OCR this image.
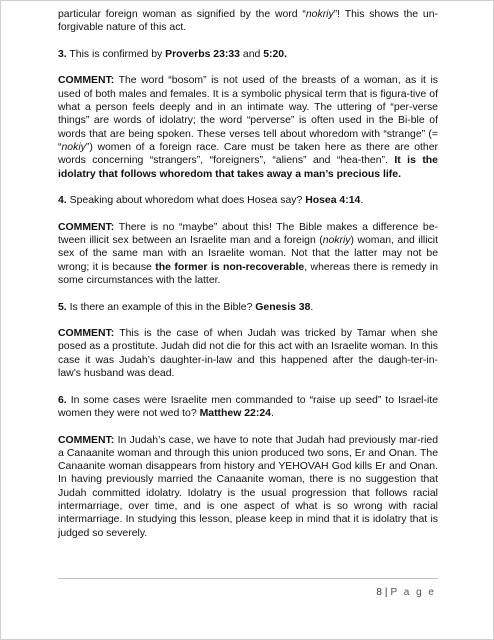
particular foreign woman as signified by the word “nokriy”! This shows the un-forgivable nature of this act.

3. This is confirmed by Proverbs 23:33 and 5:20.

COMMENT: The word “bosom” is not used of the breasts of a woman, as it is used of both males and females. It is a symbolic physical term that is figura-tive of what a person feels deeply and in an intimate way. The uttering of “per-verse things” are words of idolatry; the word “perverse” is often used in the Bi-ble of words that are being spoken. These verses tell about whoredom with “strange” (= “nokiy”) women of a foreign race. Care must be taken here as there are other words concerning “strangers”, “foreigners”, “aliens” and “hea-then”. It is the idolatry that follows whoredom that takes away a man’s precious life.

4. Speaking about whoredom what does Hosea say? Hosea 4:14.

COMMENT: There is no “maybe” about this! The Bible makes a difference be-tween illicit sex between an Israelite man and a foreign (nokriy) woman, and illicit sex of the same man with an Israelite woman. Not that the latter may not be wrong; it is because the former is non-recoverable, whereas there is remedy in some circumstances with the latter.

5. Is there an example of this in the Bible? Genesis 38.

COMMENT: This is the case of when Judah was tricked by Tamar when she posed as a prostitute. Judah did not die for this act with an Israelite woman. In this case it was Judah’s daughter-in-law and this happened after the daugh-ter-in-law’s husband was dead.

6. In some cases were Israelite men commanded to “raise up seed” to Israel-ite women they were not wed to? Matthew 22:24.

COMMENT: In Judah’s case, we have to note that Judah had previously mar-ried a Canaanite woman and through this union produced two sons, Er and Onan. The Canaanite woman disappears from history and YEHOVAH God kills Er and Onan. In having previously married the Canaanite woman, there is no suggestion that Judah committed idolatry. Idolatry is the usual progression that follows racial intermarriage, over time, and is one aspect of what is so wrong with racial intermarriage. In studying this lesson, please keep in mind that it is idolatry that is judged so severely.

8 | P a g e
